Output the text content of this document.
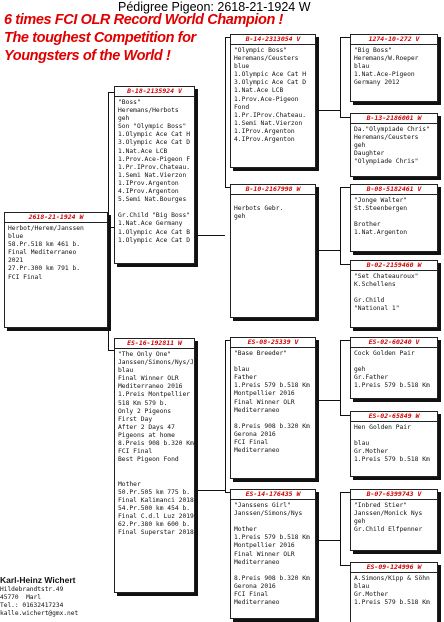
Pédigree Pigeon: 2618-21-1924 W
6 times FCI OLR Record World Champion !
The toughest Competition for
Youngsters of the World !
2618-21-1924 W
Herbot/Herem/Janssen
blue
58.Pr.518 km 461 b.
Final Mediterraneo
2021
27.Pr.300 km 791 b.
FCI Final
B-18-2135924 V
"Boss"
Heremans/Herbots
geh
Son "Olympic Boss"
1.Olympic Ace Cat H
3.Olympic Ace Cat D
1.Nat.Ace LCB
1.Prov.Ace-Pigeon F
1.Pr.IProv.Chateau.
1.Semi Nat.Vierzon
1.IProv.Argenton
4.IProv.Argenton
5.Semi Nat.Bourges

Gr.Child "Big Boss"
1.Nat.Ace Germany
1.Olympic Ace Cat B
1.Olympic Ace Cat D
ES-16-192811 W
"The Only One"
Janssen/Simons/Nys/J
blau
Final Winner OLR
Mediterraneo 2016
1.Preis Montpellier
518 Km 579 b.
Only 2 Pigeons
First Day
After 2 Days 47
Pigeons at home
8.Preis 908 b.320 Km
FCI Final
Best Pigeon Fond

Mother
50.Pr.505 km 775 b.
Final Kalimanci 2018
54.Pr.500 km 454 b.
Final C.d.l Luz 2019
62.Pr.380 km 600 b.
Final Superstar 2018
B-14-2313054 V
"Olympic Boss"
Heremans/Ceusters
blue
1.Olympic Ace Cat H
3.Olympic Ace Cat D
1.Nat.Ace LCB
1.Prov.Ace-Pigeon
Fond
1.Pr.IProv.Chateau.
1.Semi Nat.Vierzon
1.IProv.Argenton
4.IProv.Argenton
B-10-2167998 W

Herbots Gebr.
geh
ES-08-25339 V
"Base Breeder"

blau
Father
1.Preis 579 b.518 Km
Montpellier 2016
Final Winner OLR
Mediterraneo

8.Preis 908 b.320 Km
Gerona 2016
FCI Final
Mediterraneo
ES-14-176435 W
"Janssens Girl"
Janssen/Simons/Nys

Mother
1.Preis 579 b.518 Km
Montpellier 2016
Final Winner OLR
Mediterraneo

8.Preis 908 b.320 Km
Gerona 2016
FCI Final
Mediterraneo
1274-10-272 V
"Big Boss"
Heremans/W.Roeper
blau
1.Nat.Ace-Pigeon
Germany 2012
B-13-2186001 W
Da."Olympiade Chris"
Heremans/Ceusters
geh
Daughter
"Olympiade Chris"
B-08-5182461 V
"Jonge Walter"
St.Steenbergen

Brother
1.Nat.Argenton
B-02-2159460 W
"Set Chateauroux"
K.Schellens

Gr.Child
"National 1"
ES-02-60240 V
Cock Golden Pair

geh
Gr.Father
1.Preis 579 b.518 Km
ES-02-65849 W
Hen Golden Pair

blau
Gr.Mother
1.Preis 579 b.518 Km
B-07-6399743 V
"Inbred Stier"
Janssen/Monick Nys
geh
Gr.Child Elfpenner
ES-09-124996 W
A.Simons/Kipp & Söhn
blau
Gr.Mother
1.Preis 579 b.518 Km
Karl-Heinz Wichert
Hildebrandtstr.49
45770  Marl
Tel.: 01632417234
kalle.wichert@gmx.net
